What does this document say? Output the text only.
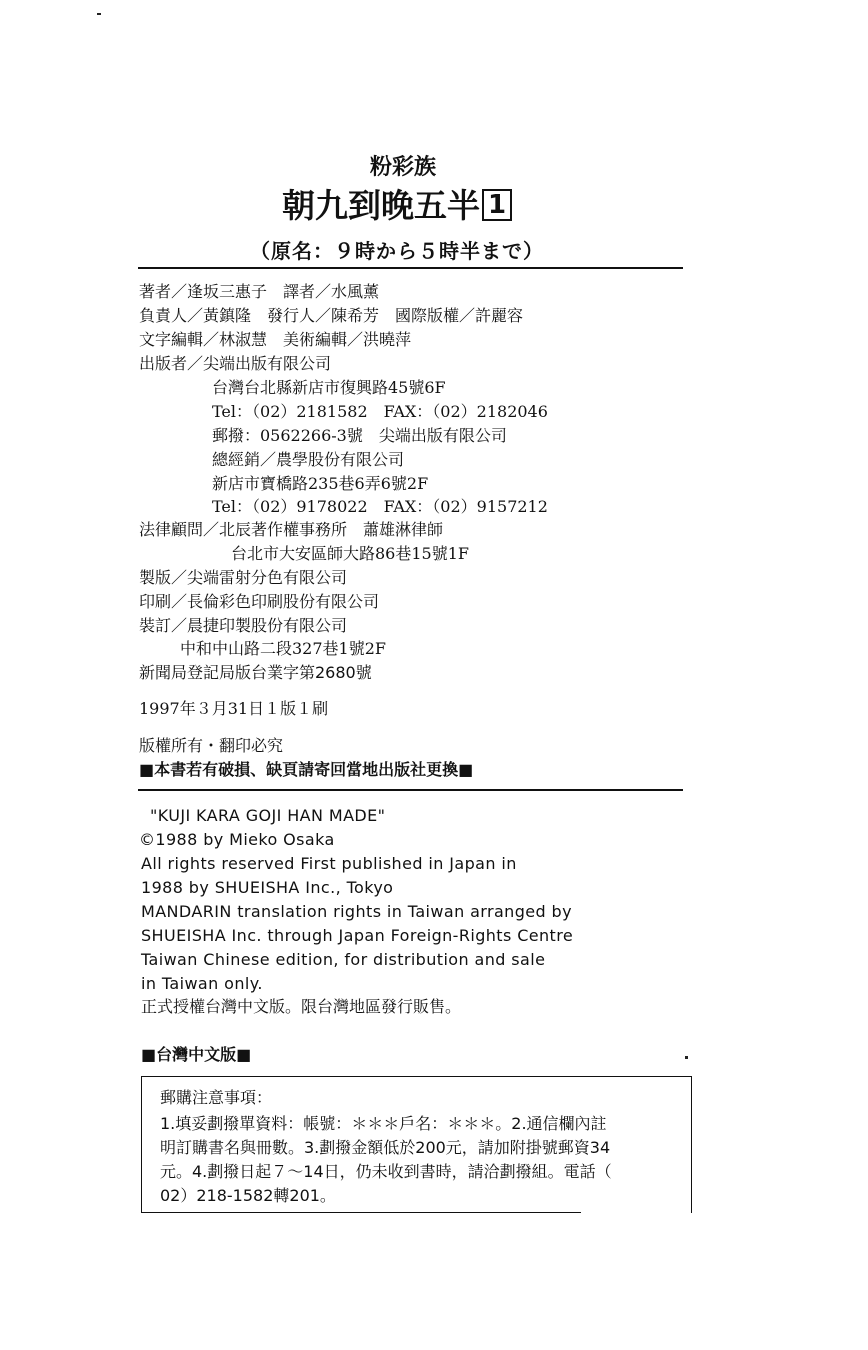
粉彩族
朝九到晚五半 1
（原名：９時から５時半まで）
著者／逢坂三惠子　譯者／水風薰
負責人／黃鎮隆　發行人／陳希芳　國際版權／許麗容
文字編輯／林淑慧　美術編輯／洪曉萍
出版者／尖端出版有限公司
台灣台北縣新店市復興路45號6F
Tel：（02）2181582　FAX：（02）2182046
郵撥：0562266-3號　尖端出版有限公司
總經銷／農學股份有限公司
新店市寶橋路235巷6弄6號2F
Tel：（02）9178022　FAX：（02）9157212
法律顧問／北辰著作權事務所　蕭雄淋律師
台北市大安區師大路86巷15號1F
製版／尖端雷射分色有限公司
印刷／長倫彩色印刷股份有限公司
裝訂／晨捷印製股份有限公司
中和中山路二段327巷1號2F
新聞局登記局版台業字第2680號
1997年３月31日１版１刷
版權所有・翻印必究
■本書若有破損、缺頁請寄回當地出版社更換■
"KUJI KARA GOJI HAN MADE"
©1988 by Mieko Osaka
All rights reserved First published in Japan in
1988 by SHUEISHA Inc., Tokyo
MANDARIN translation rights in Taiwan arranged by
SHUEISHA Inc. through Japan Foreign-Rights Centre
Taiwan Chinese edition, for distribution and sale
in Taiwan only.
正式授權台灣中文版。限台灣地區發行販售。
■台灣中文版■
郵購注意事項：
1.填妥劃撥單資料：帳號：＊＊＊戶名：＊＊＊。2.通信欄內註
明訂購書名與冊數。3.劃撥金額低於200元，請加附掛號郵資34
元。4.劃撥日起７～14日，仍未收到書時，請洽劃撥組。電話（
02）218-1582轉201。
